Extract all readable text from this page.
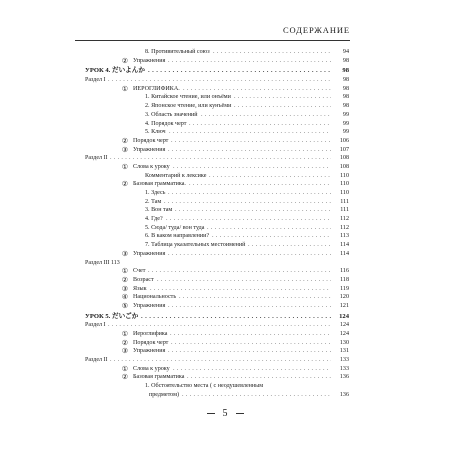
СОДЕРЖАНИЕ
8. Противительный союз . . .	94
② Упражнения . . .	98
УРОК 4. だいよんか . . .	98
Раздел I . . .	98
① ИЕРОГЛИФИКА. . . .	98
1. Китайское чтение, или онъёми . . .	98
2. Японское чтение, или кунъёми . . .	98
3. Область значений . . .	99
4. Порядок черт . . .	99
5. Ключ . . .	99
② Порядок черт . . .	106
③ Упражнения . . .	107
Раздел II . . .	108
① Слова к уроку . . .	108
Комментарий к лексике . . .	110
② Базовая грамматика. . . .	110
1. Здесь . . .	110
2. Там . . .	111
3. Вон там . . .	111
4. Где? . . .	112
5. Сюда/ туда/ вон туда . . .	112
6. В каком направлении? . . .	113
7. Таблица указательных местоимений . . .	114
③ Упражнения . . .	114
Раздел III 113
① Счет . . .	116
② Возраст . . .	118
③ Язык . . .	119
④ Национальность . . .	120
⑤ Упражнения . . .	121
УРОК 5. だいごか . . .	124
Раздел I . . .	124
① Иероглифика . . .	124
② Порядок черт . . .	130
③ Упражнения . . .	131
Раздел II . . .	133
① Слова к уроку . . .	133
② Базовая грамматика . . .	136
1. Обстоятельство места ( с неодушевленным
предметом) . . .	136
5
